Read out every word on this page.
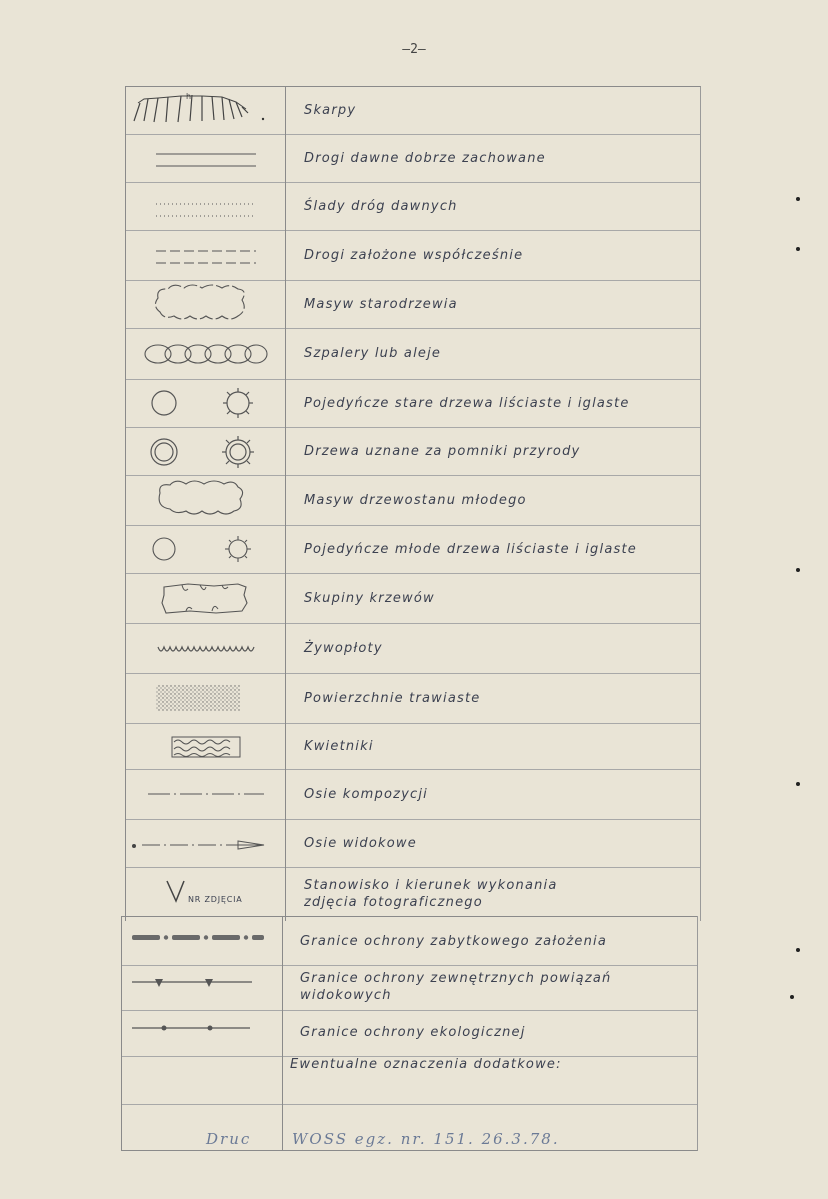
—2—
h
Skarpy
Drogi dawne dobrze zachowane
Ślady dróg dawnych
Drogi założone współcześnie
Masyw starodrzewia
Szpalery lub aleje
Pojedyńcze stare drzewa liściaste i iglaste
Drzewa uznane za pomniki przyrody
Masyw drzewostanu młodego
Pojedyńcze młode drzewa liściaste i iglaste
Skupiny krzewów
Żywopłoty
Powierzchnie trawiaste
Kwietniki
Osie kompozycji
Osie widokowe
NR ZDJĘCIA
Stanowisko i kierunek wykonania
zdjęcia fotograficznego
Granice ochrony zabytkowego założenia
Granice ochrony zewnętrznych powiązań widokowych
Granice ochrony ekologicznej
Ewentualne oznaczenia dodatkowe:
Druc	WOSS egz. nr. 151. 26.3.78.
